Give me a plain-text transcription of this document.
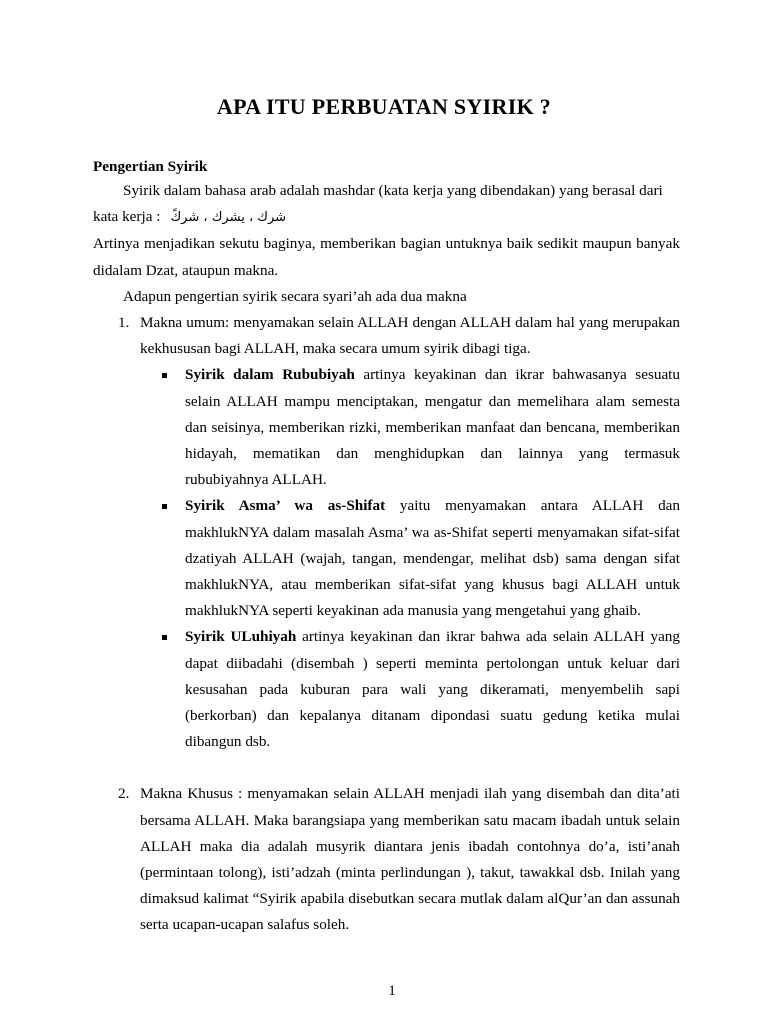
APA ITU PERBUATAN SYIRIK ?
Pengertian Syirik

Syirik dalam bahasa arab adalah mashdar (kata kerja yang dibendakan) yang berasal dari

kata kerja : شرك ، يشرك ، شركً

Artinya menjadikan sekutu baginya, memberikan bagian untuknya baik sedikit maupun banyak didalam Dzat, ataupun makna.

Adapun pengertian syirik secara syari’ah ada dua makna

1. Makna umum: menyamakan selain ALLAH dengan ALLAH dalam hal yang merupakan kekhususan bagi ALLAH, maka secara umum syirik dibagi tiga.
Syirik dalam Rububiyah artinya keyakinan dan ikrar bahwasanya sesuatu selain ALLAH mampu menciptakan, mengatur dan memelihara alam semesta dan seisinya, memberikan rizki, memberikan manfaat dan bencana, memberikan hidayah, mematikan dan menghidupkan dan lainnya yang termasuk rububiyahnya ALLAH.
Syirik Asma’ wa as-Shifat yaitu menyamakan antara ALLAH dan makhlukNYA dalam masalah Asma’ wa as-Shifat seperti menyamakan sifat-sifat dzatiyah ALLAH (wajah, tangan, mendengar, melihat dsb) sama dengan sifat makhlukNYA, atau memberikan sifat-sifat yang khusus bagi ALLAH untuk makhlukNYA seperti keyakinan ada manusia yang mengetahui yang ghaib.
Syirik ULuhiyah artinya keyakinan dan ikrar bahwa ada selain ALLAH yang dapat diibadahi (disembah ) seperti meminta pertolongan untuk keluar dari kesusahan pada kuburan para wali yang dikeramati, menyembelih sapi (berkorban) dan kepalanya ditanam dipondasi suatu gedung ketika mulai dibangun dsb.
2. Makna Khusus : menyamakan selain ALLAH menjadi ilah yang disembah dan dita’ati bersama ALLAH. Maka barangsiapa yang memberikan satu macam ibadah untuk selain ALLAH maka dia adalah musyrik diantara jenis ibadah contohnya do’a, isti’anah (permintaan tolong), isti’adzah (minta perlindungan ), takut, tawakkal dsb. Inilah yang dimaksud kalimat “Syirik apabila disebutkan secara mutlak dalam alQur’an dan assunah serta ucapan-ucapan salafus soleh.
1
